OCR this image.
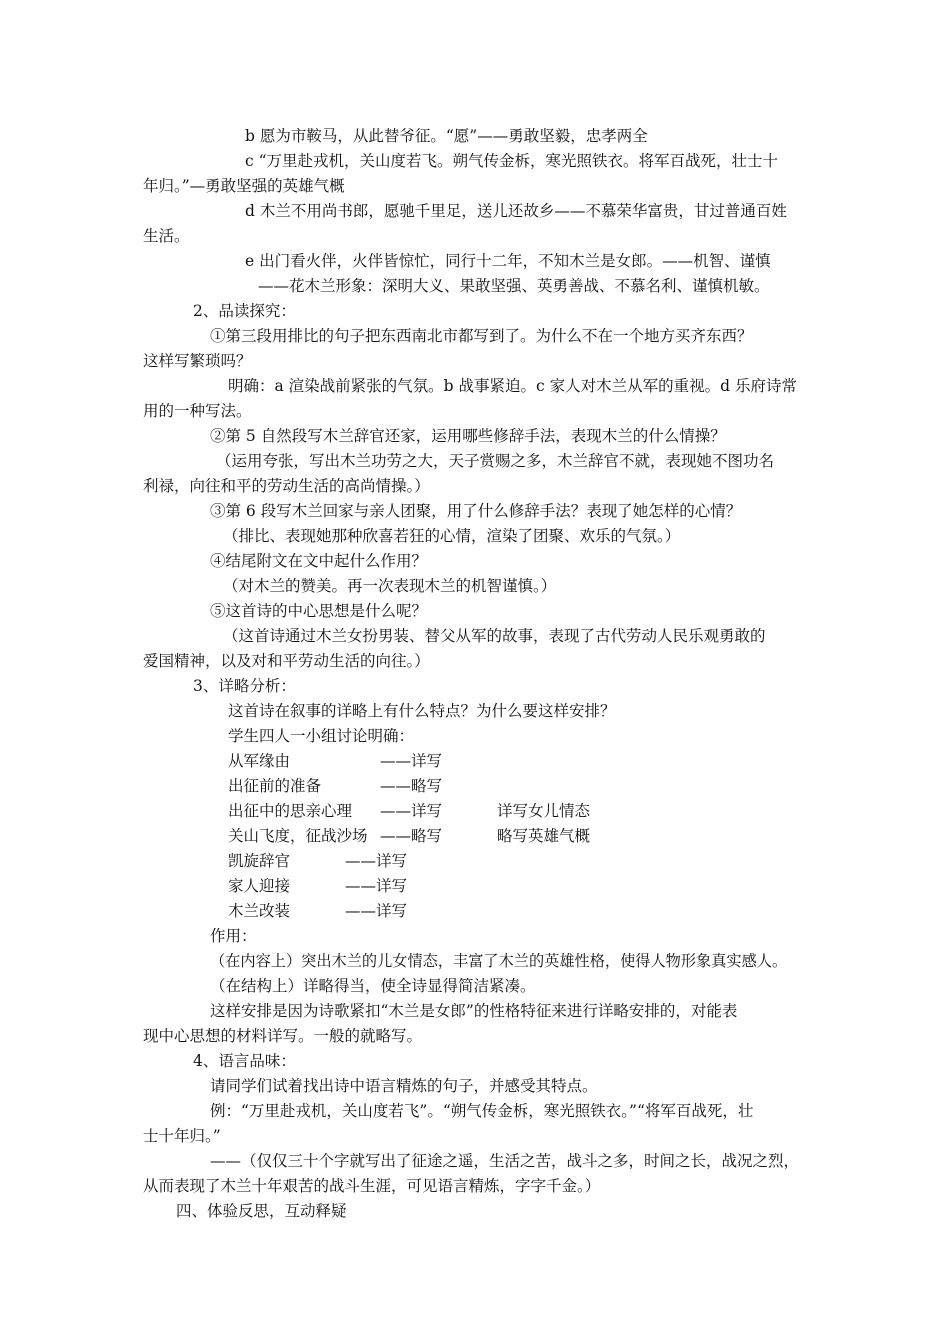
b 愿为市鞍马，从此替爷征。“愿”——勇敢坚毅，忠孝两全
c “万里赴戎机，关山度若飞。朔气传金柝，寒光照铁衣。将军百战死，壮士十
年归。”—勇敢坚强的英雄气概
d 木兰不用尚书郎，愿驰千里足，送儿还故乡——不慕荣华富贵，甘过普通百姓
生活。
e 出门看火伴，火伴皆惊忙，同行十二年，不知木兰是女郎。——机智、谨慎
——花木兰形象：深明大义、果敢坚强、英勇善战、不慕名利、谨慎机敏。
2、品读探究：
①第三段用排比的句子把东西南北市都写到了。为什么不在一个地方买齐东西？
这样写繁琐吗？
明确：a 渲染战前紧张的气氛。b 战事紧迫。c 家人对木兰从军的重视。d 乐府诗常
用的一种写法。
②第 5 自然段写木兰辞官还家，运用哪些修辞手法，表现木兰的什么情操？
（运用夸张，写出木兰功劳之大，天子赏赐之多，木兰辞官不就，表现她不图功名
利禄，向往和平的劳动生活的高尚情操。）
③第 6 段写木兰回家与亲人团聚，用了什么修辞手法？表现了她怎样的心情？
（排比、表现她那种欣喜若狂的心情，渲染了团聚、欢乐的气氛。）
④结尾附文在文中起什么作用？
（对木兰的赞美。再一次表现木兰的机智谨慎。）
⑤这首诗的中心思想是什么呢？
（这首诗通过木兰女扮男装、替父从军的故事，表现了古代劳动人民乐观勇敢的
爱国精神，以及对和平劳动生活的向往。）
3、详略分析：
这首诗在叙事的详略上有什么特点？为什么要这样安排？
学生四人一小组讨论明确：
从军缘由	——详写
出征前的准备	——略写
出征中的思亲心理 ——详写	详写女儿情态
关山飞度，征战沙场 ——略写	略写英雄气概
凯旋辞官	——详写
家人迎接	——详写
木兰改装	——详写
作用：
（在内容上）突出木兰的儿女情态，丰富了木兰的英雄性格，使得人物形象真实感人。
（在结构上）详略得当，使全诗显得简洁紧凑。
这样安排是因为诗歌紧扣“木兰是女郎”的性格特征来进行详略安排的，对能表
现中心思想的材料详写。一般的就略写。
4、语言品味：
请同学们试着找出诗中语言精炼的句子，并感受其特点。
例：“万里赴戎机，关山度若飞”。“朔气传金柝，寒光照铁衣。”“将军百战死，壮
士十年归。”
——（仅仅三十个字就写出了征途之遥，生活之苦，战斗之多，时间之长，战况之烈，
从而表现了木兰十年艰苦的战斗生涯，可见语言精炼，字字千金。）
四、体验反思，互动释疑
